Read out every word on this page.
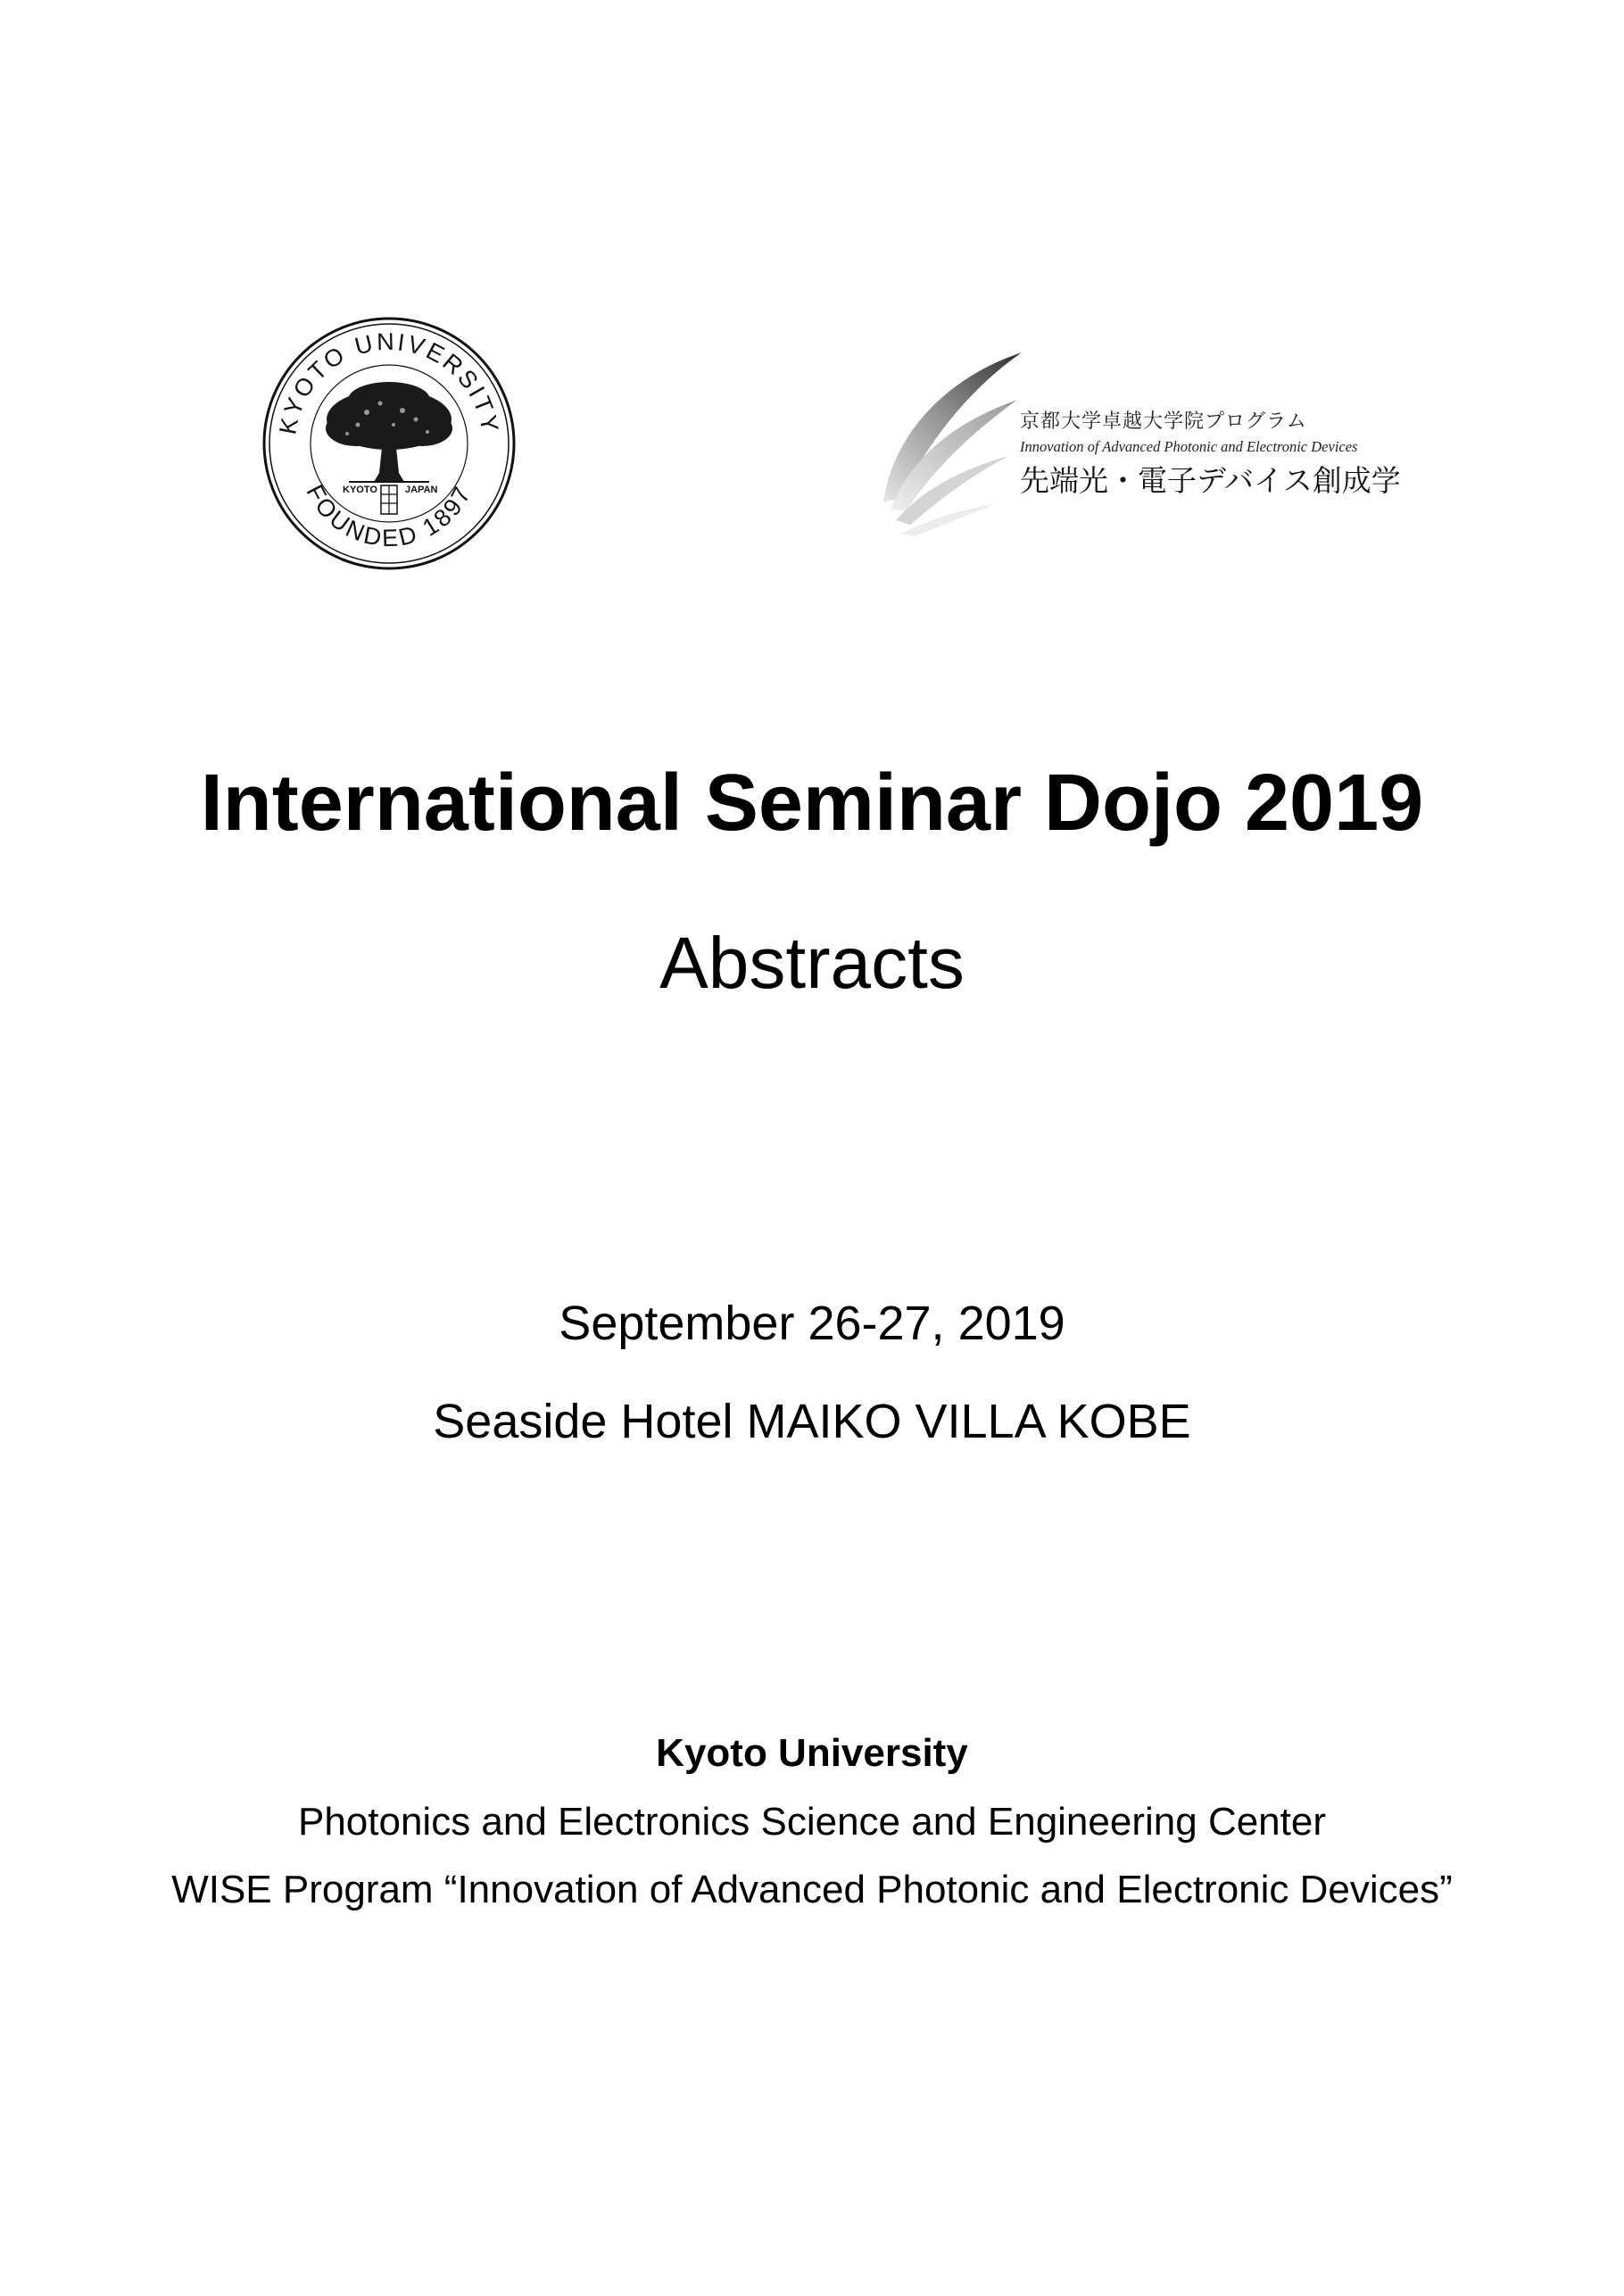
KYOTO UNIVERSITY
FOUNDED 1897
KYOTO	JAPAN
京都大学卓越大学院プログラム
Innovation of Advanced Photonic and Electronic Devices
先端光・電子デバイス創成学
International Seminar Dojo 2019
Abstracts
September 26-27, 2019
Seaside Hotel MAIKO VILLA KOBE
Kyoto University
Photonics and Electronics Science and Engineering Center
WISE Program “Innovation of Advanced Photonic and Electronic Devices”
